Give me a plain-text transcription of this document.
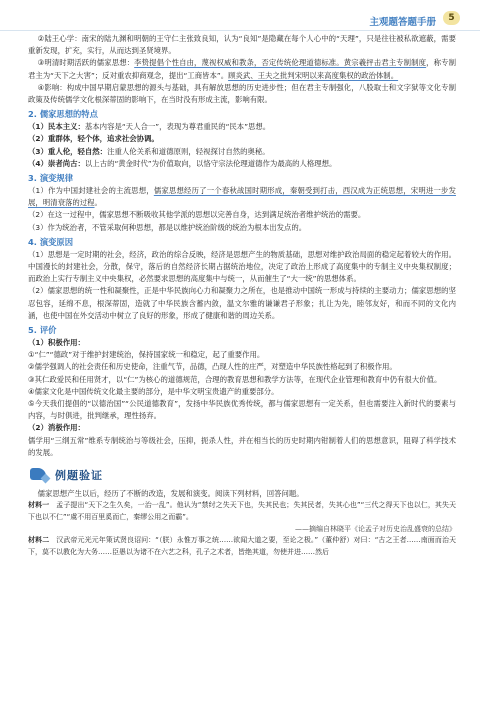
主观题答题手册	5

②陆王心学：南宋的陆九渊和明朝的王守仁主张致良知，认为“良知”是隐藏在每个人心中的“天理”，只是往往被私欲遮蔽，需要重新发现，扩充，实行，从而达到圣贤境界。

③明清时期活跃的儒家思想：李贽提倡个性自由，蔑视权威和教条，否定传统伦理道德标准。黄宗羲抨击君主专制制度，称专制君主为“天下之大害”；反对重农抑商观念，提出“工商皆本”。顾炎武、王夫之批判宋明以来高度集权的政治体制。

④影响：构成中国早期启蒙思想的源头与基础，具有解放思想的历史进步性；但在君主专制强化，八股取士和文字狱等文化专制政策及传统儒学文化根深蒂固的影响下，在当时没有形成主流，影响有限。

2. 儒家思想的特点

（1）民本主义：基本内容是“天人合一”，表现为尊君重民的“民本”思想。

（2）重群体，轻个体，追求社会协调。

（3）重人伦，轻自然：注重人伦关系和道德原则，轻视探讨自然的奥秘。

（4）崇者尚古：以上古的“黄金时代”为价值取向，以恪守宗法伦理道德作为最高的人格理想。

3. 演变规律

（1）作为中国封建社会的主流思想，儒家思想经历了一个春秋战国时期形成，秦朝受到打击，西汉成为正统思想，宋明进一步发展，明清衰落的过程。

（2）在这一过程中，儒家思想不断吸收其他学派的思想以完善自身，达到满足统治者维护统治的需要。

（3）作为统治者，不管采取何种思想，都是以维护统治阶级的统治为根本出发点的。

4. 演变原因

（1）思想是一定时期的社会，经济，政治的综合反映，经济是思想产生的物质基础，思想对维护政治局面的稳定起着较大的作用。中国漫长的封建社会，分散，保守，落后的自然经济长期占据统治地位，决定了政治上形成了高度集中的专制主义中央集权制度；而政治上实行专制主义中央集权，必然要求思想的高度集中与统一，从而催生了“大一统”的思想体系。

（2）儒家思想的统一性和凝聚性，正是中华民族向心力和凝聚力之所在，也是推动中国统一形成与持续的主要动力；儒家思想的坚忍包容，延绵不息，根深蒂固，造就了中华民族含蓄内敛，温文尔雅的谦谦君子形象；扎让为先，睦邻友好，和而不同的文化内涵，也使中国在外交活动中树立了良好的形象，形成了健康和谐的周边关系。

5. 评价

（1）积极作用：

①“仁”“德政”对于维护封建统治，保持国家统一和稳定，起了重要作用。

②儒学强调人的社会责任和历史使命，注重气节，品德，凸现人性的庄严，对塑造中华民族性格起到了积极作用。

③其仁政爱民和任用贤才，以“仁”为核心的道德规范，合理的教育思想和教学方法等，在现代企业管理和教育中仍有很大价值。

④儒家文化是中国传统文化最主要的部分，是中华文明宝贵遗产的重要部分。

⑤今天我们提倡的“以德治国”“公民道德教育”，发扬中华民族优秀传统，都与儒家思想有一定关系，但也需要注入新时代的要素与内容，与时俱进，批判继承，理性扬弃。

（2）消极作用：

儒学用“三纲五常”维系专制统治与等级社会，压抑，扼杀人性，并在相当长的历史时期内钳制着人们的思想意识，阻碍了科学技术的发展。

例题验证

儒家思想产生以后，经历了不断的改造，发展和演变。阅读下列材料，回答问题。

材料一　 孟子提出“天下之生久矣，一治一乱”。他认为“禁纣之失天下也，失其民也；失其民者，失其心也”“三代之得天下也以仁，其失天下也以不仁”“虞不用百里奚而亡，秦缪公用之而霸”。

——摘编自林晓平《论孟子对历史治乱盛衰的总结》

材料二　 汉武帝元光元年策试贤良诏问：“（朕）永惟万事之统……欲闻大道之要，至论之极。”（董仲舒）对曰：“古之王者……南面而治天下，莫不以教化为大务……臣愚以为诸不在六艺之科，孔子之术者，皆绝其道，勿使并进……然后
